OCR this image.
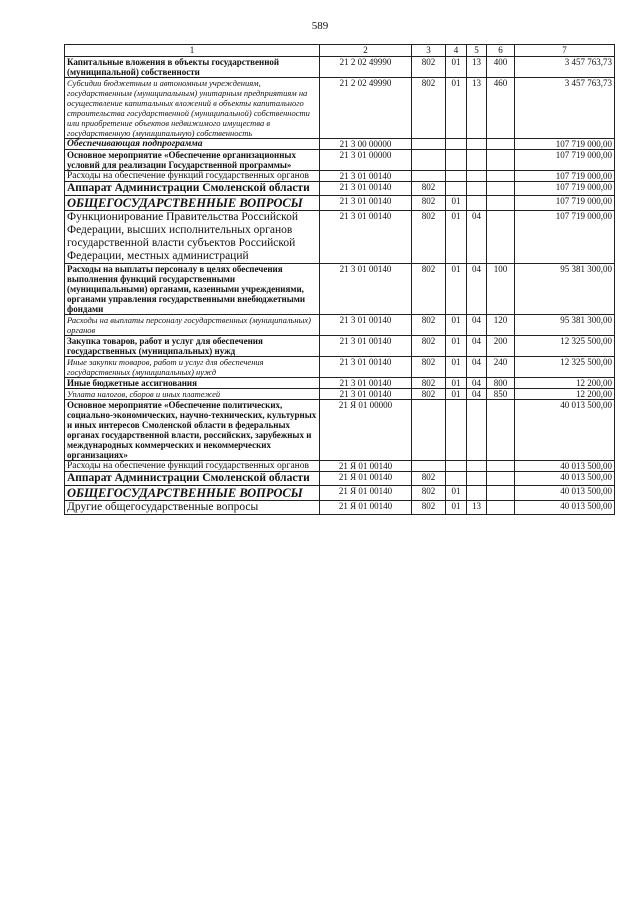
589
1	2	3	4	5	6	7
Капитальные вложения в объекты государственной (муниципальной) собственности	21 2 02 49990	802	01	13	400	3 457 763,73
Субсидии бюджетным и автономным учреждениям, государственным (муниципальным) унитарным предприятиям на осуществление капитальных вложений в объекты капитального строительства государственной (муниципальной) собственности или приобретение объектов недвижимого имущества в государственную (муниципальную) собственность	21 2 02 49990	802	01	13	460	3 457 763,73
Обеспечивающая подпрограмма	21 3 00 00000					107 719 000,00
Основное мероприятие «Обеспечение организационных условий для реализации Государственной программы»	21 3 01 00000					107 719 000,00
Расходы на обеспечение функций государственных органов	21 3 01 00140					107 719 000,00
Аппарат Администрации Смоленской области	21 3 01 00140	802				107 719 000,00
ОБЩЕГОСУДАРСТВЕННЫЕ ВОПРОСЫ	21 3 01 00140	802	01			107 719 000,00
Функционирование Правительства Российской Федерации, высших исполнительных органов государственной власти субъектов Российской Федерации, местных администраций	21 3 01 00140	802	01	04		107 719 000,00
Расходы на выплаты персоналу в целях обеспечения выполнения функций государственными (муниципальными) органами, казенными учреждениями, органами управления государственными внебюджетными фондами	21 3 01 00140	802	01	04	100	95 381 300,00
Расходы на выплаты персоналу государственных (муниципальных) органов	21 3 01 00140	802	01	04	120	95 381 300,00
Закупка товаров, работ и услуг для обеспечения государственных (муниципальных) нужд	21 3 01 00140	802	01	04	200	12 325 500,00
Иные закупки товаров, работ и услуг для обеспечения государственных (муниципальных) нужд	21 3 01 00140	802	01	04	240	12 325 500,00
Иные бюджетные ассигнования	21 3 01 00140	802	01	04	800	12 200,00
Уплата налогов, сборов и иных платежей	21 3 01 00140	802	01	04	850	12 200,00
Основное мероприятие «Обеспечение политических, социально-экономических, научно-технических, культурных и иных интересов Смоленской области в федеральных органах государственной власти, российских, зарубежных и международных коммерческих и некоммерческих организациях»	21 Я 01 00000					40 013 500,00
Расходы на обеспечение функций государственных органов	21 Я 01 00140					40 013 500,00
Аппарат Администрации Смоленской области	21 Я 01 00140	802				40 013 500,00
ОБЩЕГОСУДАРСТВЕННЫЕ ВОПРОСЫ	21 Я 01 00140	802	01			40 013 500,00
Другие общегосударственные вопросы	21 Я 01 00140	802	01	13		40 013 500,00
